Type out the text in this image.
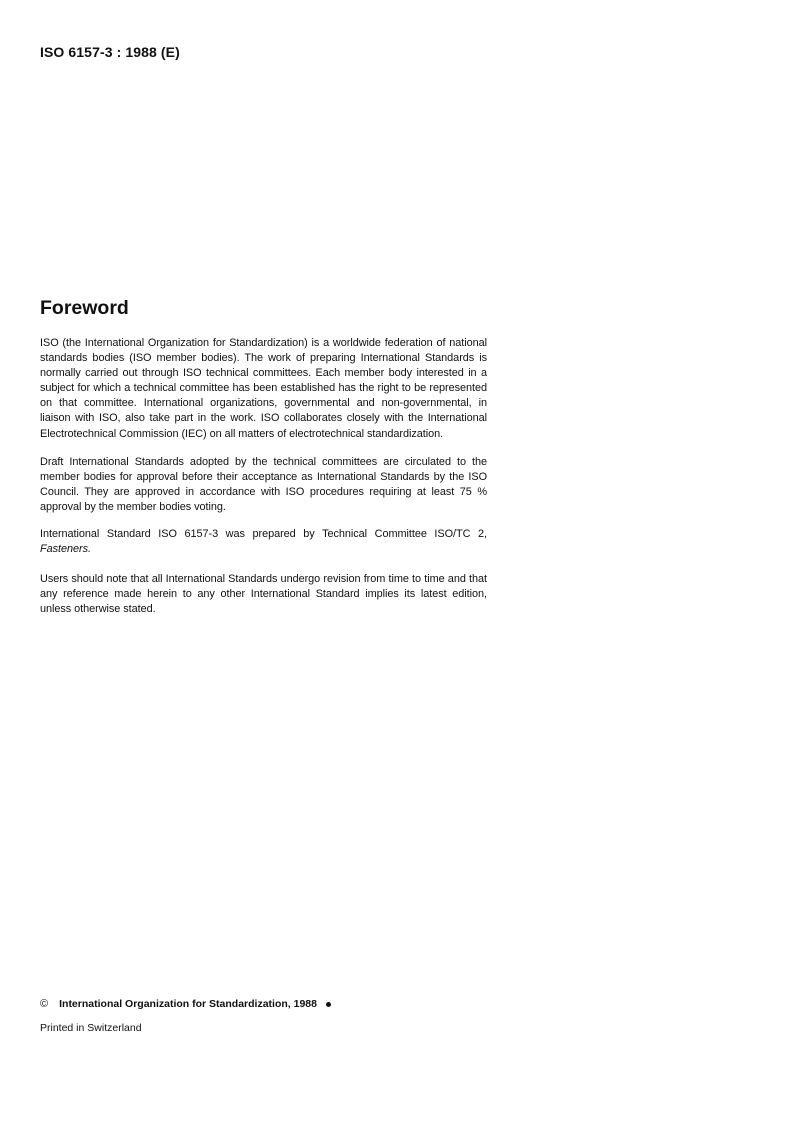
ISO 6157-3 : 1988 (E)
Foreword

ISO (the International Organization for Standardization) is a worldwide federation of national standards bodies (ISO member bodies). The work of preparing International Standards is normally carried out through ISO technical committees. Each member body interested in a subject for which a technical committee has been established has the right to be represented on that committee. International organizations, governmental and non-governmental, in liaison with ISO, also take part in the work. ISO collaborates closely with the International Electrotechnical Commission (IEC) on all matters of electrotechnical standardization.

Draft International Standards adopted by the technical committees are circulated to the member bodies for approval before their acceptance as International Standards by the ISO Council. They are approved in accordance with ISO procedures requiring at least 75 % approval by the member bodies voting.

International Standard ISO 6157-3 was prepared by Technical Committee ISO/TC 2, Fasteners.

Users should note that all International Standards undergo revision from time to time and that any reference made herein to any other International Standard implies its latest edition, unless otherwise stated.

© International Organization for Standardization, 1988
Printed in Switzerland
